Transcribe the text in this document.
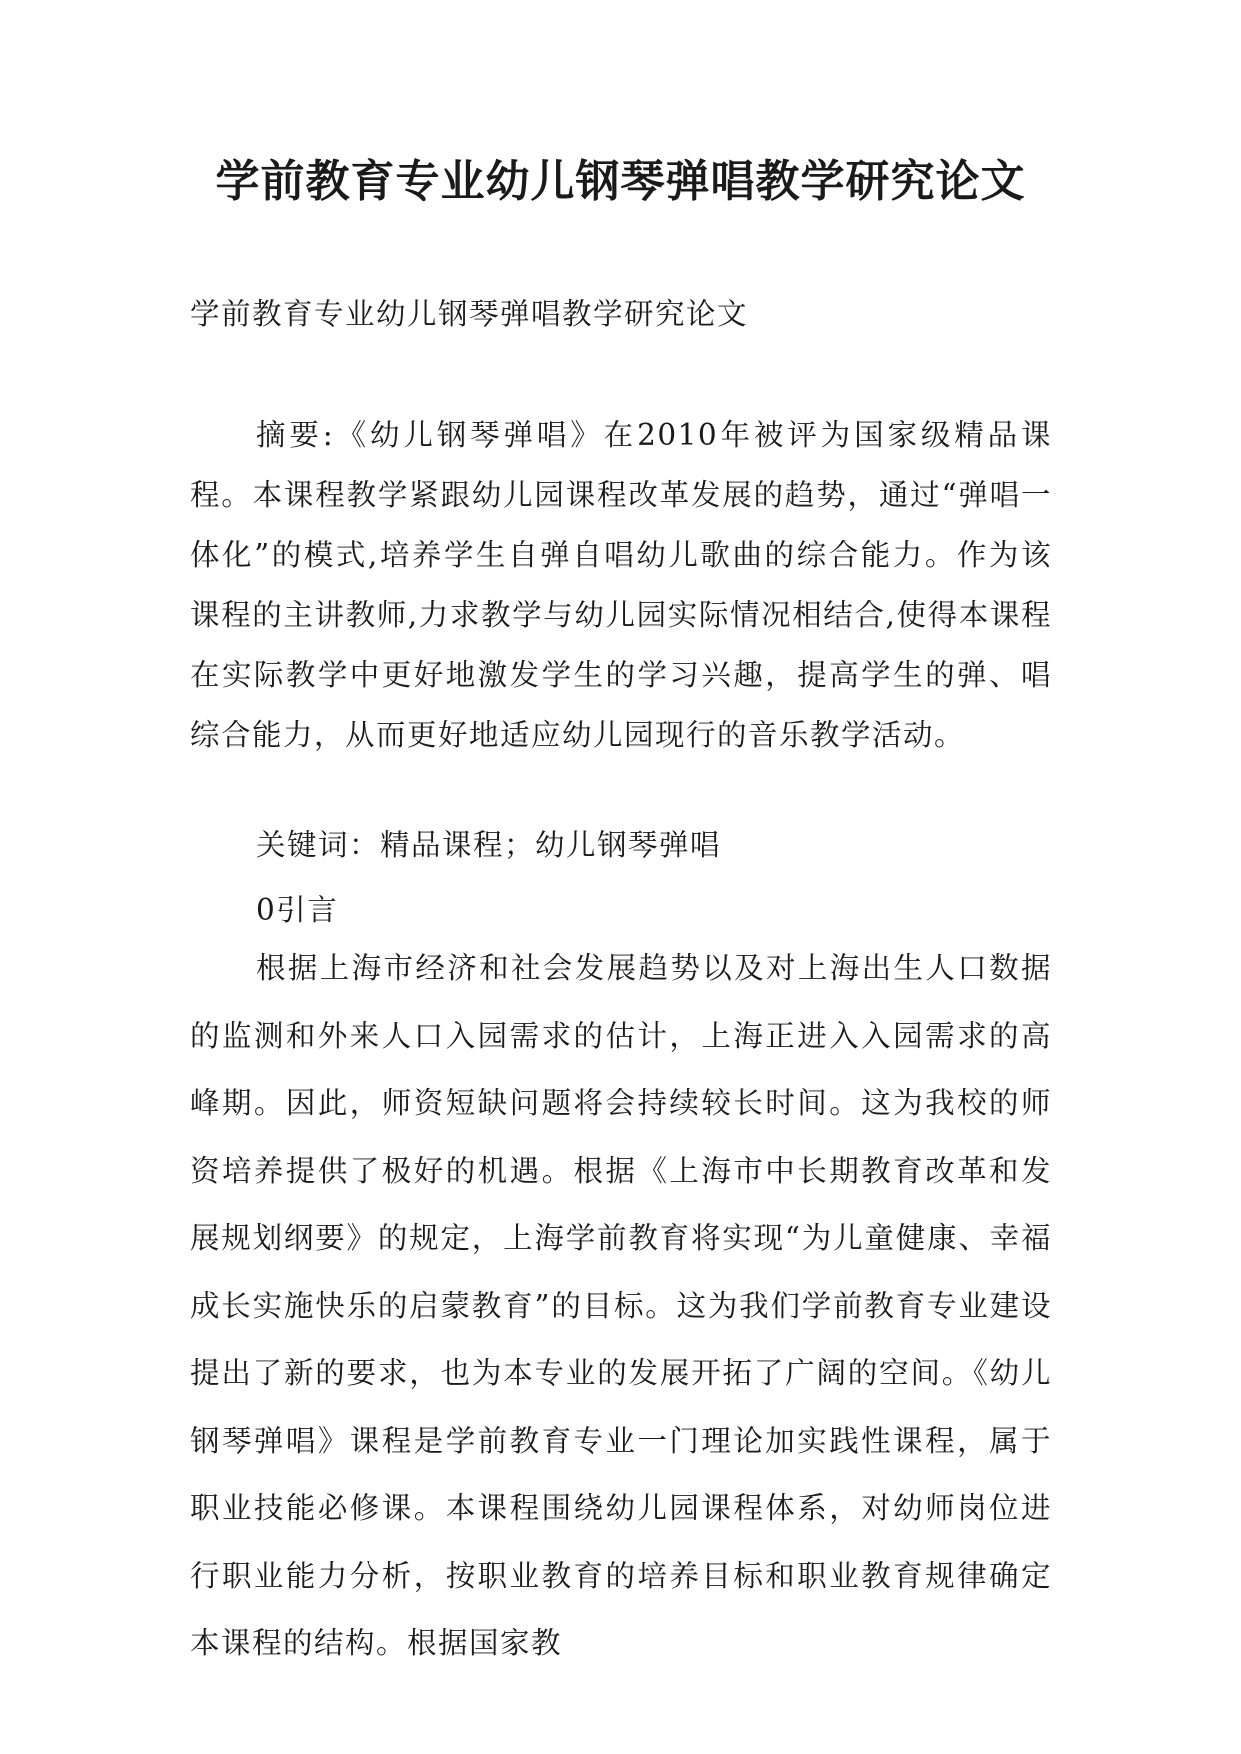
学前教育专业幼儿钢琴弹唱教学研究论文

学前教育专业幼儿钢琴弹唱教学研究论文

摘要:《幼儿钢琴弹唱》在2010年被评为国家级精品课程。本课程教学紧跟幼儿园课程改革发展的趋势，通过“弹唱一体化”的模式,培养学生自弹自唱幼儿歌曲的综合能力。作为该课程的主讲教师,力求教学与幼儿园实际情况相结合,使得本课程在实际教学中更好地激发学生的学习兴趣，提高学生的弹、唱综合能力，从而更好地适应幼儿园现行的音乐教学活动。

关键词：精品课程；幼儿钢琴弹唱

0引言

根据上海市经济和社会发展趋势以及对上海出生人口数据的监测和外来人口入园需求的估计，上海正进入入园需求的高峰期。因此，师资短缺问题将会持续较长时间。这为我校的师资培养提供了极好的机遇。根据《上海市中长期教育改革和发展规划纲要》的规定，上海学前教育将实现“为儿童健康、幸福成长实施快乐的启蒙教育”的目标。这为我们学前教育专业建设提出了新的要求，也为本专业的发展开拓了广阔的空间。《幼儿钢琴弹唱》课程是学前教育专业一门理论加实践性课程，属于职业技能必修课。本课程围绕幼儿园课程体系，对幼师岗位进行职业能力分析，按职业教育的培养目标和职业教育规律确定本课程的结构。根据国家教
